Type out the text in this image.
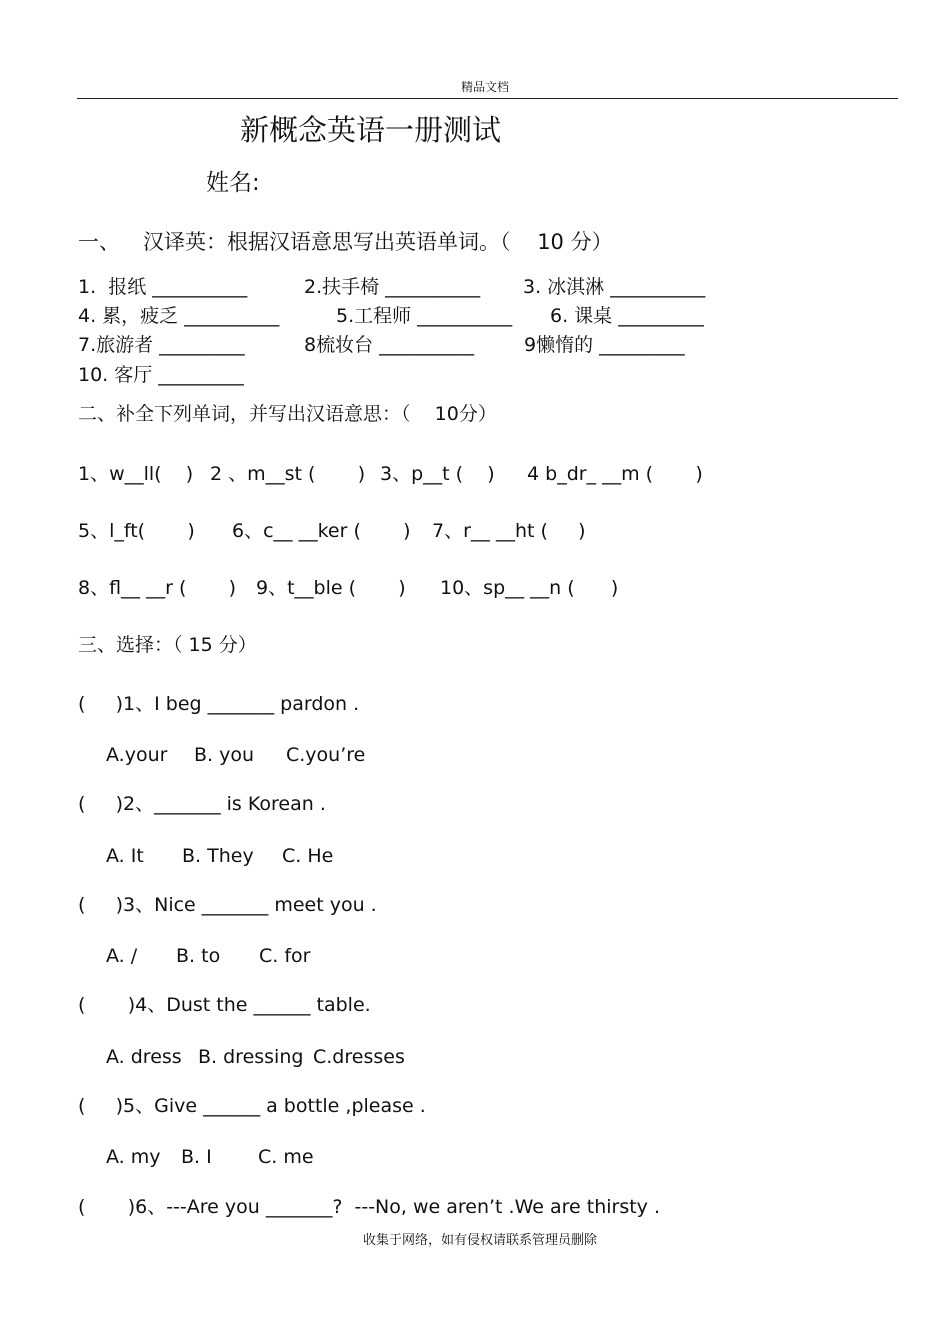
精品文档
新概念英语一册测试
姓名:
一、 汉译英：根据汉语意思写出英语单词。（    10 分）
1.  报纸 __________	2.扶手椅 __________ 3. 冰淇淋 __________
4. 累，疲乏 __________	5.工程师 __________ 6. 课桌 _________
7.旅游者 _________	8梳妆台 __________	9懒惰的 _________
10. 客厅 _________
二、补全下列单词，并写出汉语意思：（    10分）
1、w__ll(    ) 2 、m__st (       ) 3、p__t (    ) 4 b_dr_ __m (       )
5、l_ft(       ) 6、c__ __ker (       ) 7、r__ __ht (     )
8、fl__ __r (       ) 9、t__ble (       ) 10、sp__ __n (      )
三、选择：（ 15 分）
(     )1、I beg _______ pardon .
A.your B. you C.you’re
(     )2、_______ is Korean .
A. It B. They C. He
(     )3、Nice _______ meet you .
A. / B. to C. for
(       )4、Dust the ______ table.
A. dress B. dressing C.dresses
(     )5、Give ______ a bottle ,please .
A. my B. I C. me
(       )6、---Are you _______?  ---No, we aren’t .We are thirsty .
收集于网络，如有侵权请联系管理员删除
